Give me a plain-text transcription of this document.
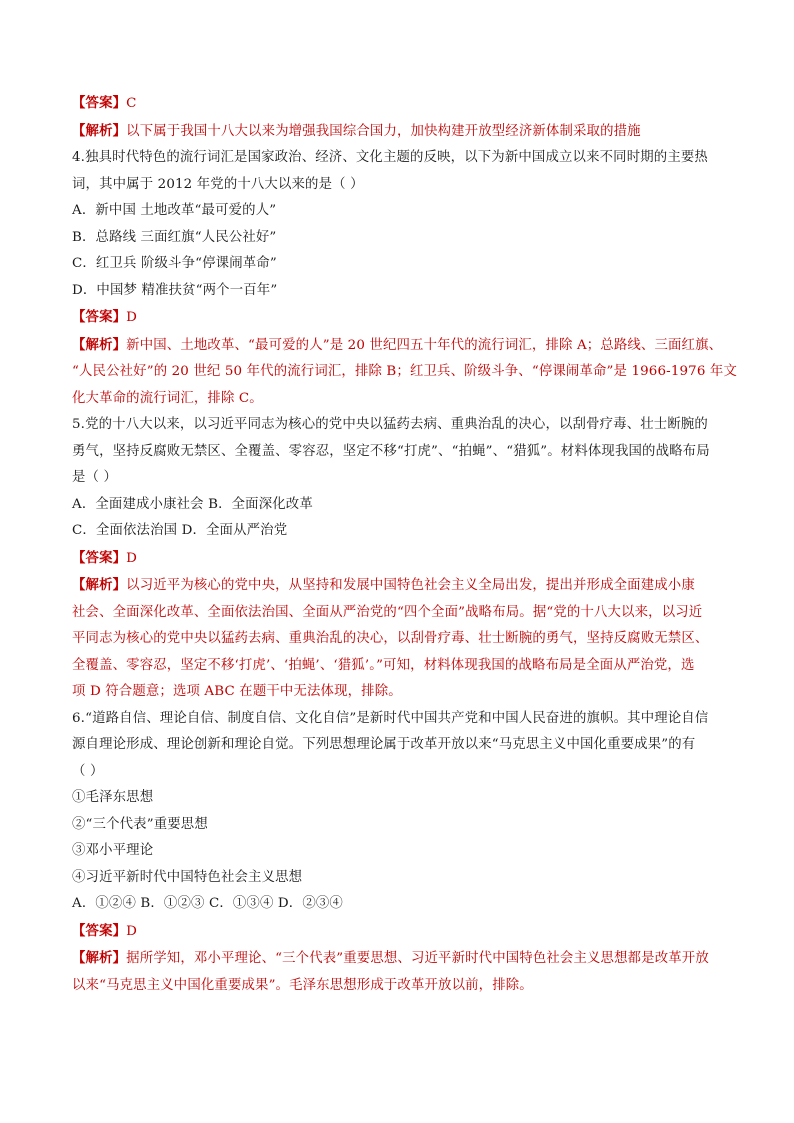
【答案】C
【解析】以下属于我国十八大以来为增强我国综合国力，加快构建开放型经济新体制采取的措施
4.独具时代特色的流行词汇是国家政治、经济、文化主题的反映，以下为新中国成立以来不同时期的主要热
词，其中属于 2012 年党的十八大以来的是（ ）
A．新中国 土地改革“最可爱的人”
B．总路线 三面红旗“人民公社好”
C．红卫兵 阶级斗争“停课闹革命”
D．中国梦 精准扶贫“两个一百年”
【答案】D
【解析】新中国、土地改革、“最可爱的人”是 20 世纪四五十年代的流行词汇，排除 A；总路线、三面红旗、
“人民公社好”的 20 世纪 50 年代的流行词汇，排除 B；红卫兵、阶级斗争、“停课闹革命”是 1966-1976 年文
化大革命的流行词汇，排除 C。
5.党的十八大以来，以习近平同志为核心的党中央以猛药去病、重典治乱的决心，以刮骨疗毒、壮士断腕的
勇气，坚持反腐败无禁区、全覆盖、零容忍，坚定不移“打虎”、“拍蝇”、“猎狐”。材料体现我国的战略布局
是（ ）
A．全面建成小康社会 B．全面深化改革
C．全面依法治国 D．全面从严治党
【答案】D
【解析】以习近平为核心的党中央，从坚持和发展中国特色社会主义全局出发，提出并形成全面建成小康
社会、全面深化改革、全面依法治国、全面从严治党的“四个全面”战略布局。据“党的十八大以来，以习近
平同志为核心的党中央以猛药去病、重典治乱的决心，以刮骨疗毒、壮士断腕的勇气，坚持反腐败无禁区、
全覆盖、零容忍，坚定不移‘打虎’、‘拍蝇’、‘猎狐’。”可知，材料体现我国的战略布局是全面从严治党，选
项 D 符合题意；选项 ABC 在题干中无法体现，排除。
6.“道路自信、理论自信、制度自信、文化自信”是新时代中国共产党和中国人民奋进的旗帜。其中理论自信
源自理论形成、理论创新和理论自觉。下列思想理论属于改革开放以来“马克思主义中国化重要成果”的有
（ ）
①毛泽东思想
②“三个代表”重要思想
③邓小平理论
④习近平新时代中国特色社会主义思想
A．①②④ B．①②③ C．①③④ D．②③④
【答案】D
【解析】据所学知，邓小平理论、“三个代表”重要思想、习近平新时代中国特色社会主义思想都是改革开放
以来“马克思主义中国化重要成果”。毛泽东思想形成于改革开放以前，排除。
